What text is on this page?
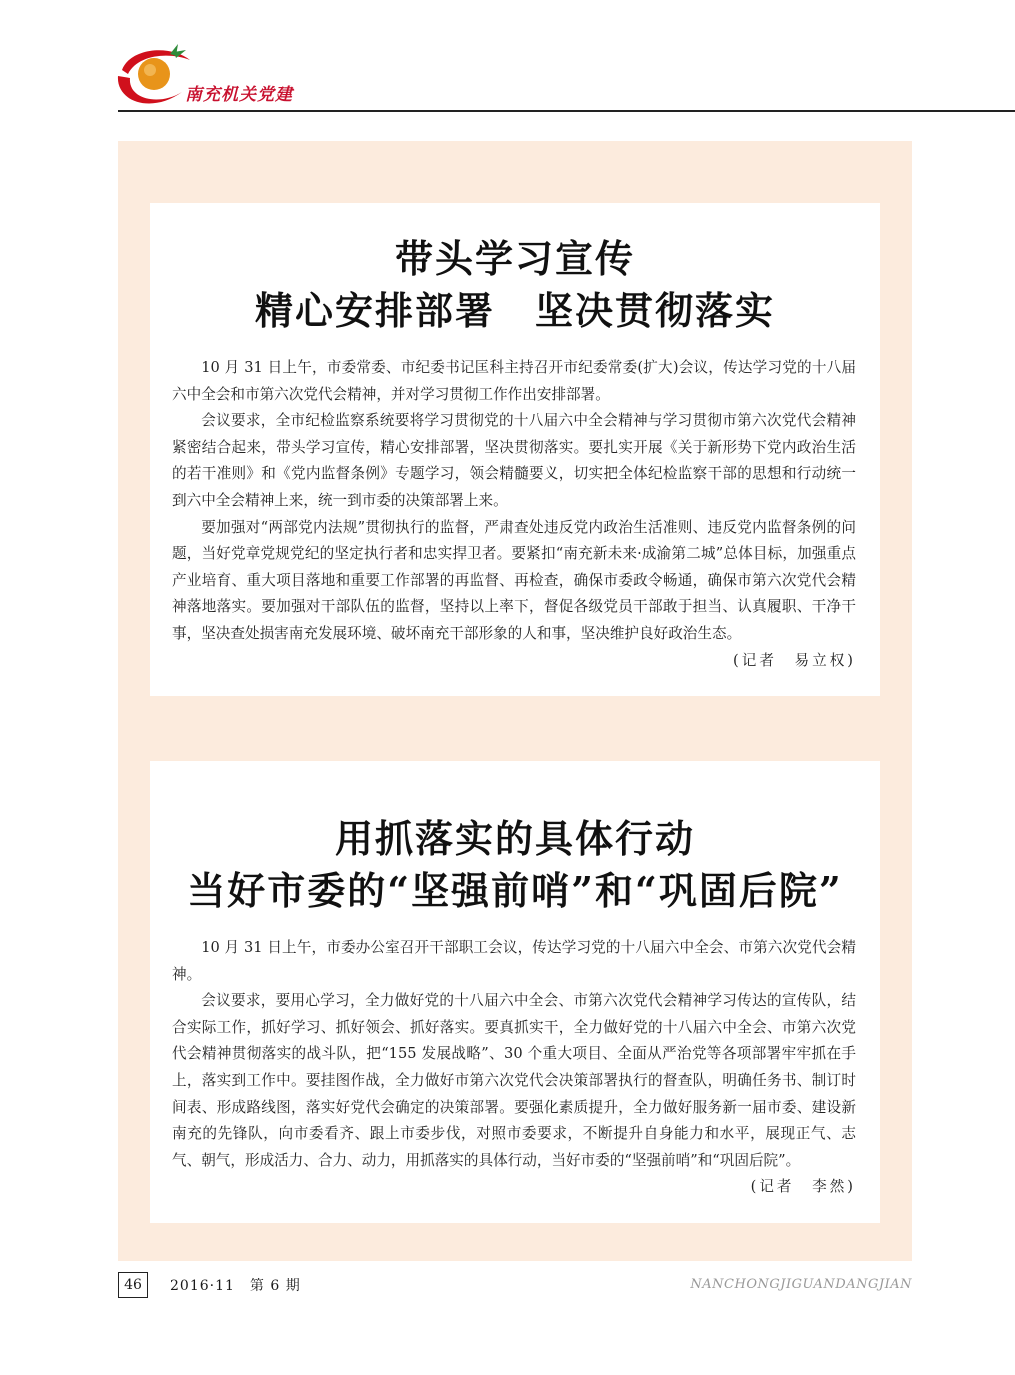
南充机关党建
带头学习宣传
精心安排部署　坚决贯彻落实

10 月 31 日上午，市委常委、市纪委书记匡科主持召开市纪委常委(扩大)会议，传达学习党的十八届六中全会和市第六次党代会精神，并对学习贯彻工作作出安排部署。

会议要求，全市纪检监察系统要将学习贯彻党的十八届六中全会精神与学习贯彻市第六次党代会精神紧密结合起来，带头学习宣传，精心安排部署，坚决贯彻落实。要扎实开展《关于新形势下党内政治生活的若干准则》和《党内监督条例》专题学习，领会精髓要义，切实把全体纪检监察干部的思想和行动统一到六中全会精神上来，统一到市委的决策部署上来。

要加强对“两部党内法规”贯彻执行的监督，严肃查处违反党内政治生活准则、违反党内监督条例的问题，当好党章党规党纪的坚定执行者和忠实捍卫者。要紧扣“南充新未来·成渝第二城”总体目标，加强重点产业培育、重大项目落地和重要工作部署的再监督、再检查，确保市委政令畅通，确保市第六次党代会精神落地落实。要加强对干部队伍的监督，坚持以上率下，督促各级党员干部敢于担当、认真履职、干净干事，坚决查处损害南充发展环境、破坏南充干部形象的人和事，坚决维护良好政治生态。
(记者　易立权)

用抓落实的具体行动
当好市委的“坚强前哨”和“巩固后院”

10 月 31 日上午，市委办公室召开干部职工会议，传达学习党的十八届六中全会、市第六次党代会精神。

会议要求，要用心学习，全力做好党的十八届六中全会、市第六次党代会精神学习传达的宣传队，结合实际工作，抓好学习、抓好领会、抓好落实。要真抓实干，全力做好党的十八届六中全会、市第六次党代会精神贯彻落实的战斗队，把“155 发展战略”、30 个重大项目、全面从严治党等各项部署牢牢抓在手上，落实到工作中。要挂图作战，全力做好市第六次党代会决策部署执行的督查队，明确任务书、制订时间表、形成路线图，落实好党代会确定的决策部署。要强化素质提升，全力做好服务新一届市委、建设新南充的先锋队，向市委看齐、跟上市委步伐，对照市委要求，不断提升自身能力和水平，展现正气、志气、朝气，形成活力、合力、动力，用抓落实的具体行动，当好市委的“坚强前哨”和“巩固后院”。
(记者　李然)

46	2016·11　第 6 期	NANCHONGJIGUANDANGJIAN
